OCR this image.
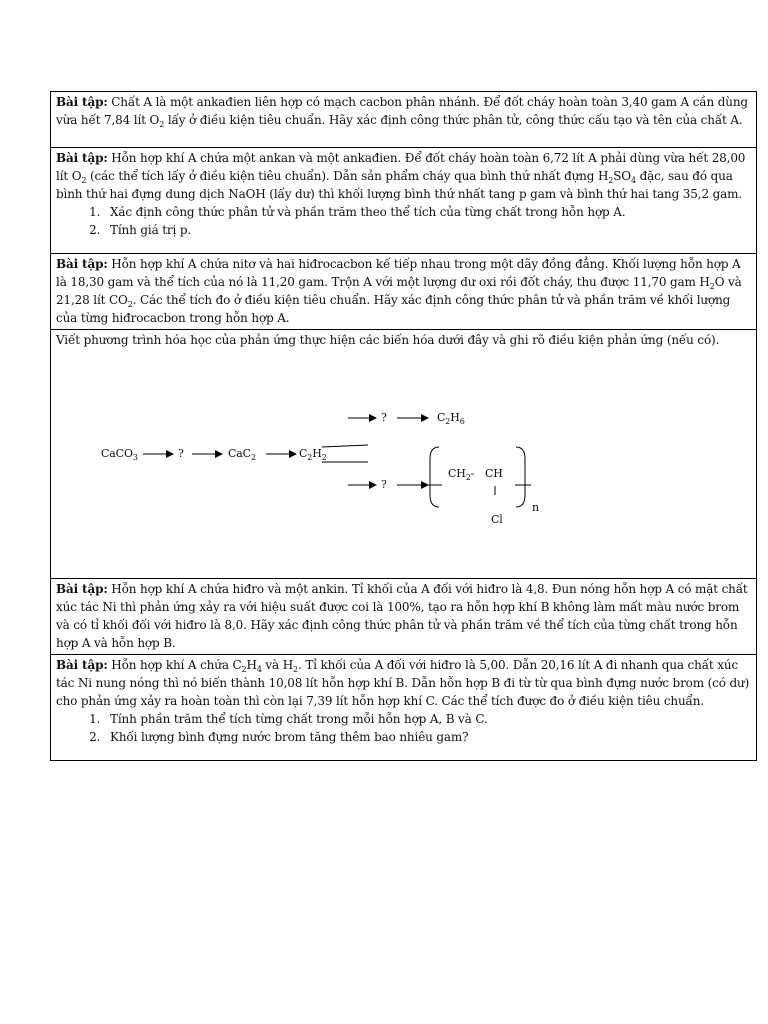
Bài tập: Chất A là một ankađien liên hợp có mạch cacbon phân nhánh. Để đốt cháy hoàn toàn 3,40 gam A cần dùng vừa hết 7,84 lít $O_2$ lấy ở điều kiện tiêu chuẩn. Hãy xác định công thức phân tử, công thức cấu tạo và tên của chất A.
Bài tập: Hỗn hợp khí A chứa một ankan và một ankađien. Để đốt cháy hoàn toàn 6,72 lít A phải dùng vừa hết 28,00 lít $O_2$ (các thể tích lấy ở điều kiện tiêu chuẩn). Dẫn sản phẩm cháy qua bình thứ nhất đựng $H_2SO_4$ đặc, sau đó qua bình thứ hai đựng dung dịch NaOH (lấy dư) thì khối lượng bình thứ nhất tang p gam và bình thứ hai tang 35,2 gam.
1. Xác định công thức phân tử và phần trăm theo thể tích của từng chất trong hỗn hợp A.
2. Tính giá trị p.

Bài tập: Hỗn hợp khí A chứa nitơ và hai hiđrocacbon kế tiếp nhau trong một dãy đồng đẳng. Khối lượng hỗn hợp A là 18,30 gam và thể tích của nó là 11,20 gam. Trộn A với một lượng dư oxi rồi đốt cháy, thu được 11,70 gam $H_2O$ và 21,28 lít $CO_2$. Các thể tích đo ở điều kiện tiêu chuẩn. Hãy xác định công thức phân tử và phần trăm về khối lượng của từng hiđrocacbon trong hỗn hợp A.

Viết phương trình hóa học của phản ứng thực hiện các biến hóa dưới đây và ghi rõ điều kiện phản ứng (nếu có).
CaCO$_3$	?	CaC$_2$	$C_2H_2$
?	$C_2H_6$
?
$CH_2-$ CH
Cl
n

Bài tập: Hỗn hợp khí A chứa hiđro và một ankin. Tỉ khối của A đối với hiđro là 4,8. Đun nóng hỗn hợp A có mặt chất xúc tác Ni thì phản ứng xảy ra với hiệu suất được coi là 100%, tạo ra hỗn hợp khí B không làm mất màu nước brom và có tỉ khối đối với hiđro là 8,0. Hãy xác định công thức phân tử và phần trăm về thể tích của từng chất trong hỗn hợp A và hỗn hợp B.
Bài tập: Hỗn hợp khí A chứa $C_2H_4$ và $H_2$. Tỉ khối của A đối với hiđro là 5,00. Dẫn 20,16 lít A đi nhanh qua chất xúc tác Ni nung nóng thì nó biến thành 10,08 lít hỗn hợp khí B. Dẫn hỗn hợp B đi từ từ qua bình đựng nước brom (có dư) cho phản ứng xảy ra hoàn toàn thì còn lại 7,39 lít hỗn hợp khí C. Các thể tích được đo ở điều kiện tiêu chuẩn.
1. Tính phần trăm thể tích từng chất trong mỗi hỗn hợp A, B và C.
2. Khối lượng bình đựng nước brom tăng thêm bao nhiêu gam?
